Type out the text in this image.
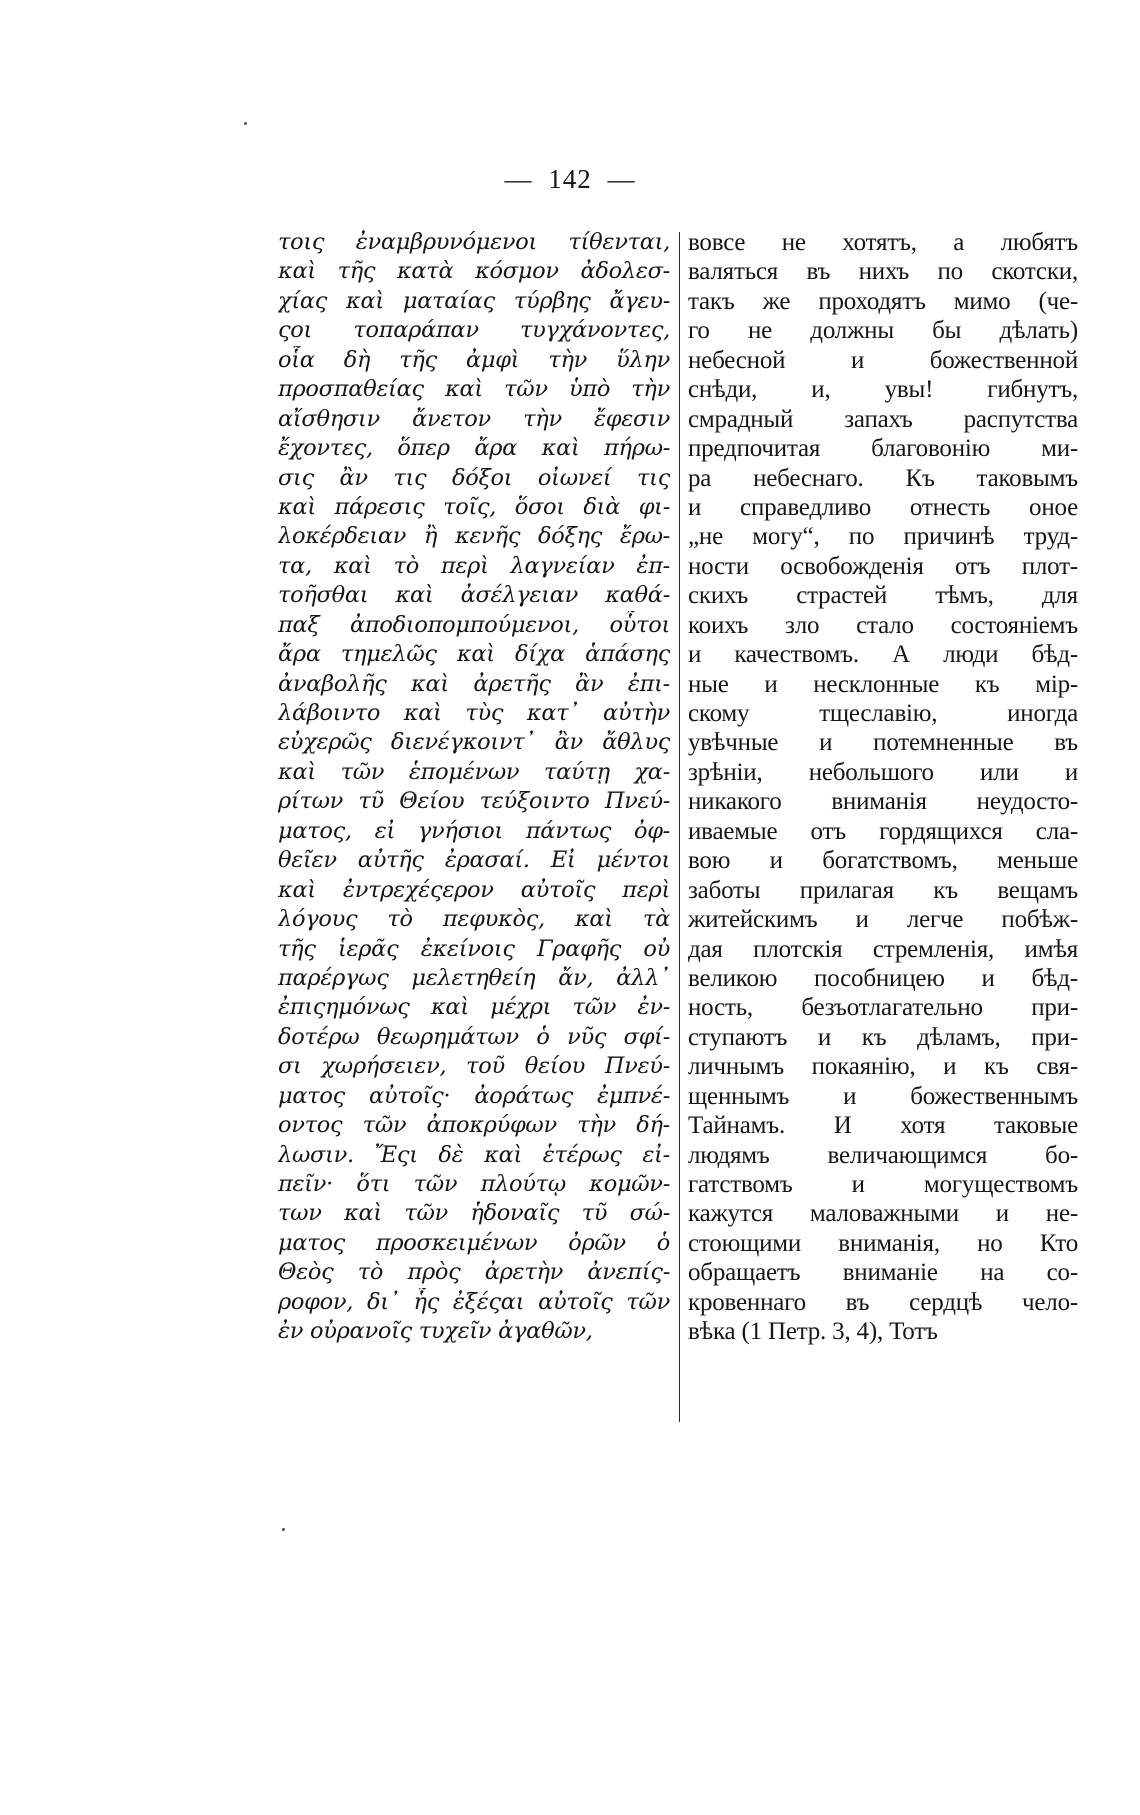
— 142 —
τοις ἐναμβρυνόμενοι τίθενται,
καὶ τῆς κατὰ κόσμον ἀδολεσ-
χίας καὶ ματαίας τύρβης ἄγευ-
ςοι τοπαράπαν τυγχάνοντες,
οἷα δὴ τῆς ἀμφὶ τὴν ὕλην
προσπαθείας καὶ τῶν ὑπὸ τὴν
αἴσθησιν ἄνετον τὴν ἔφεσιν
ἔχοντες, ὅπερ ἄρα καὶ πήρω-
σις ἂν τις δόξοι οἰωνεί τις
καὶ πάρεσις τοῖς, ὅσοι διὰ φι-
λοκέρδειαν ἢ κενῆς δόξης ἔρω-
τα, καὶ τὸ περὶ λαγνείαν ἐπ-
τοῆσθαι καὶ ἀσέλγειαν καθά-
παξ ἀποδιοπομπούμενοι, οὗτοι
ἄρα τημελῶς καὶ δίχα ἁπάσης
ἀναβολῆς καὶ ἀρετῆς ἂν ἐπι-
λάβοιντο καὶ τὺς κατ᾽ αὐτὴν
εὐχερῶς διενέγκοιντ᾽ ἂν ἄθλυς
καὶ τῶν ἑπομένων ταύτῃ χα-
ρίτων τῦ Θείου τεύξοιντο Πνεύ-
ματος, εἰ γνήσιοι πάντως ὀφ-
θεῖεν αὐτῆς ἐρασαί. Εἰ μέντοι
καὶ ἐντρεχέςερον αὐτοῖς περὶ
λόγους τὸ πεφυκὸς, καὶ τὰ
τῆς ἱερᾶς ἐκείνοις Γραφῆς οὐ
παρέργως μελετηθείη ἄν, ἀλλ᾽
ἐπιςημόνως καὶ μέχρι τῶν ἐν-
δοτέρω θεωρημάτων ὁ νῦς σφί-
σι χωρήσειεν, τοῦ θείου Πνεύ-
ματος αὐτοῖς· ἀοράτως ἐμπνέ-
οντος τῶν ἀποκρύφων τὴν δή-
λωσιν. Ἔςι δὲ καὶ ἑτέρως εἰ-
πεῖν· ὅτι τῶν πλούτῳ κομῶν-
των καὶ τῶν ἡδοναῖς τῦ σώ-
ματος προσκειμένων ὀρῶν ὁ
Θεὸς τὸ πρὸς ἀρετὴν ἀνεπίς-
ροφον, δι᾽ ἧς ἐξέςαι αὐτοῖς τῶν
ἐν οὐρανοῖς τυχεῖν ἀγαθῶν,
вовсе не хотятъ, а любятъ
валяться въ нихъ по скотски,
такъ же проходятъ мимо (че-
го не должны бы дѣлать)
небесной и божественной
снѣди, и, увы! гибнутъ,
смрадный запахъ распутства
предпочитая благовонію ми-
ра небеснаго. Къ таковымъ
и справедливо отнесть оное
„не могу“, по причинѣ труд-
ности освобожденія отъ плот-
скихъ страстей тѣмъ, для
коихъ зло стало состояніемъ
и качествомъ. А люди бѣд-
ные и несклонные къ мір-
скому тщеславію, иногда
увѣчные и потемненные въ
зрѣніи, небольшого или и
никакого вниманія неудосто-
иваемые отъ гордящихся сла-
вою и богатствомъ, меньше
заботы прилагая къ вещамъ
житейскимъ и легче побѣж-
дая плотскія стремленія, имѣя
великою пособницею и бѣд-
ность, безъотлагательно при-
ступаютъ и къ дѣламъ, при-
личнымъ покаянію, и къ свя-
щеннымъ и божественнымъ
Тайнамъ. И хотя таковые
людямъ величающимся бо-
гатствомъ и могуществомъ
кажутся маловажными и не-
стоющими вниманія, но Кто
обращаетъ вниманіе на со-
кровеннаго въ сердцѣ чело-
вѣка (1 Петр. 3, 4), Тотъ
